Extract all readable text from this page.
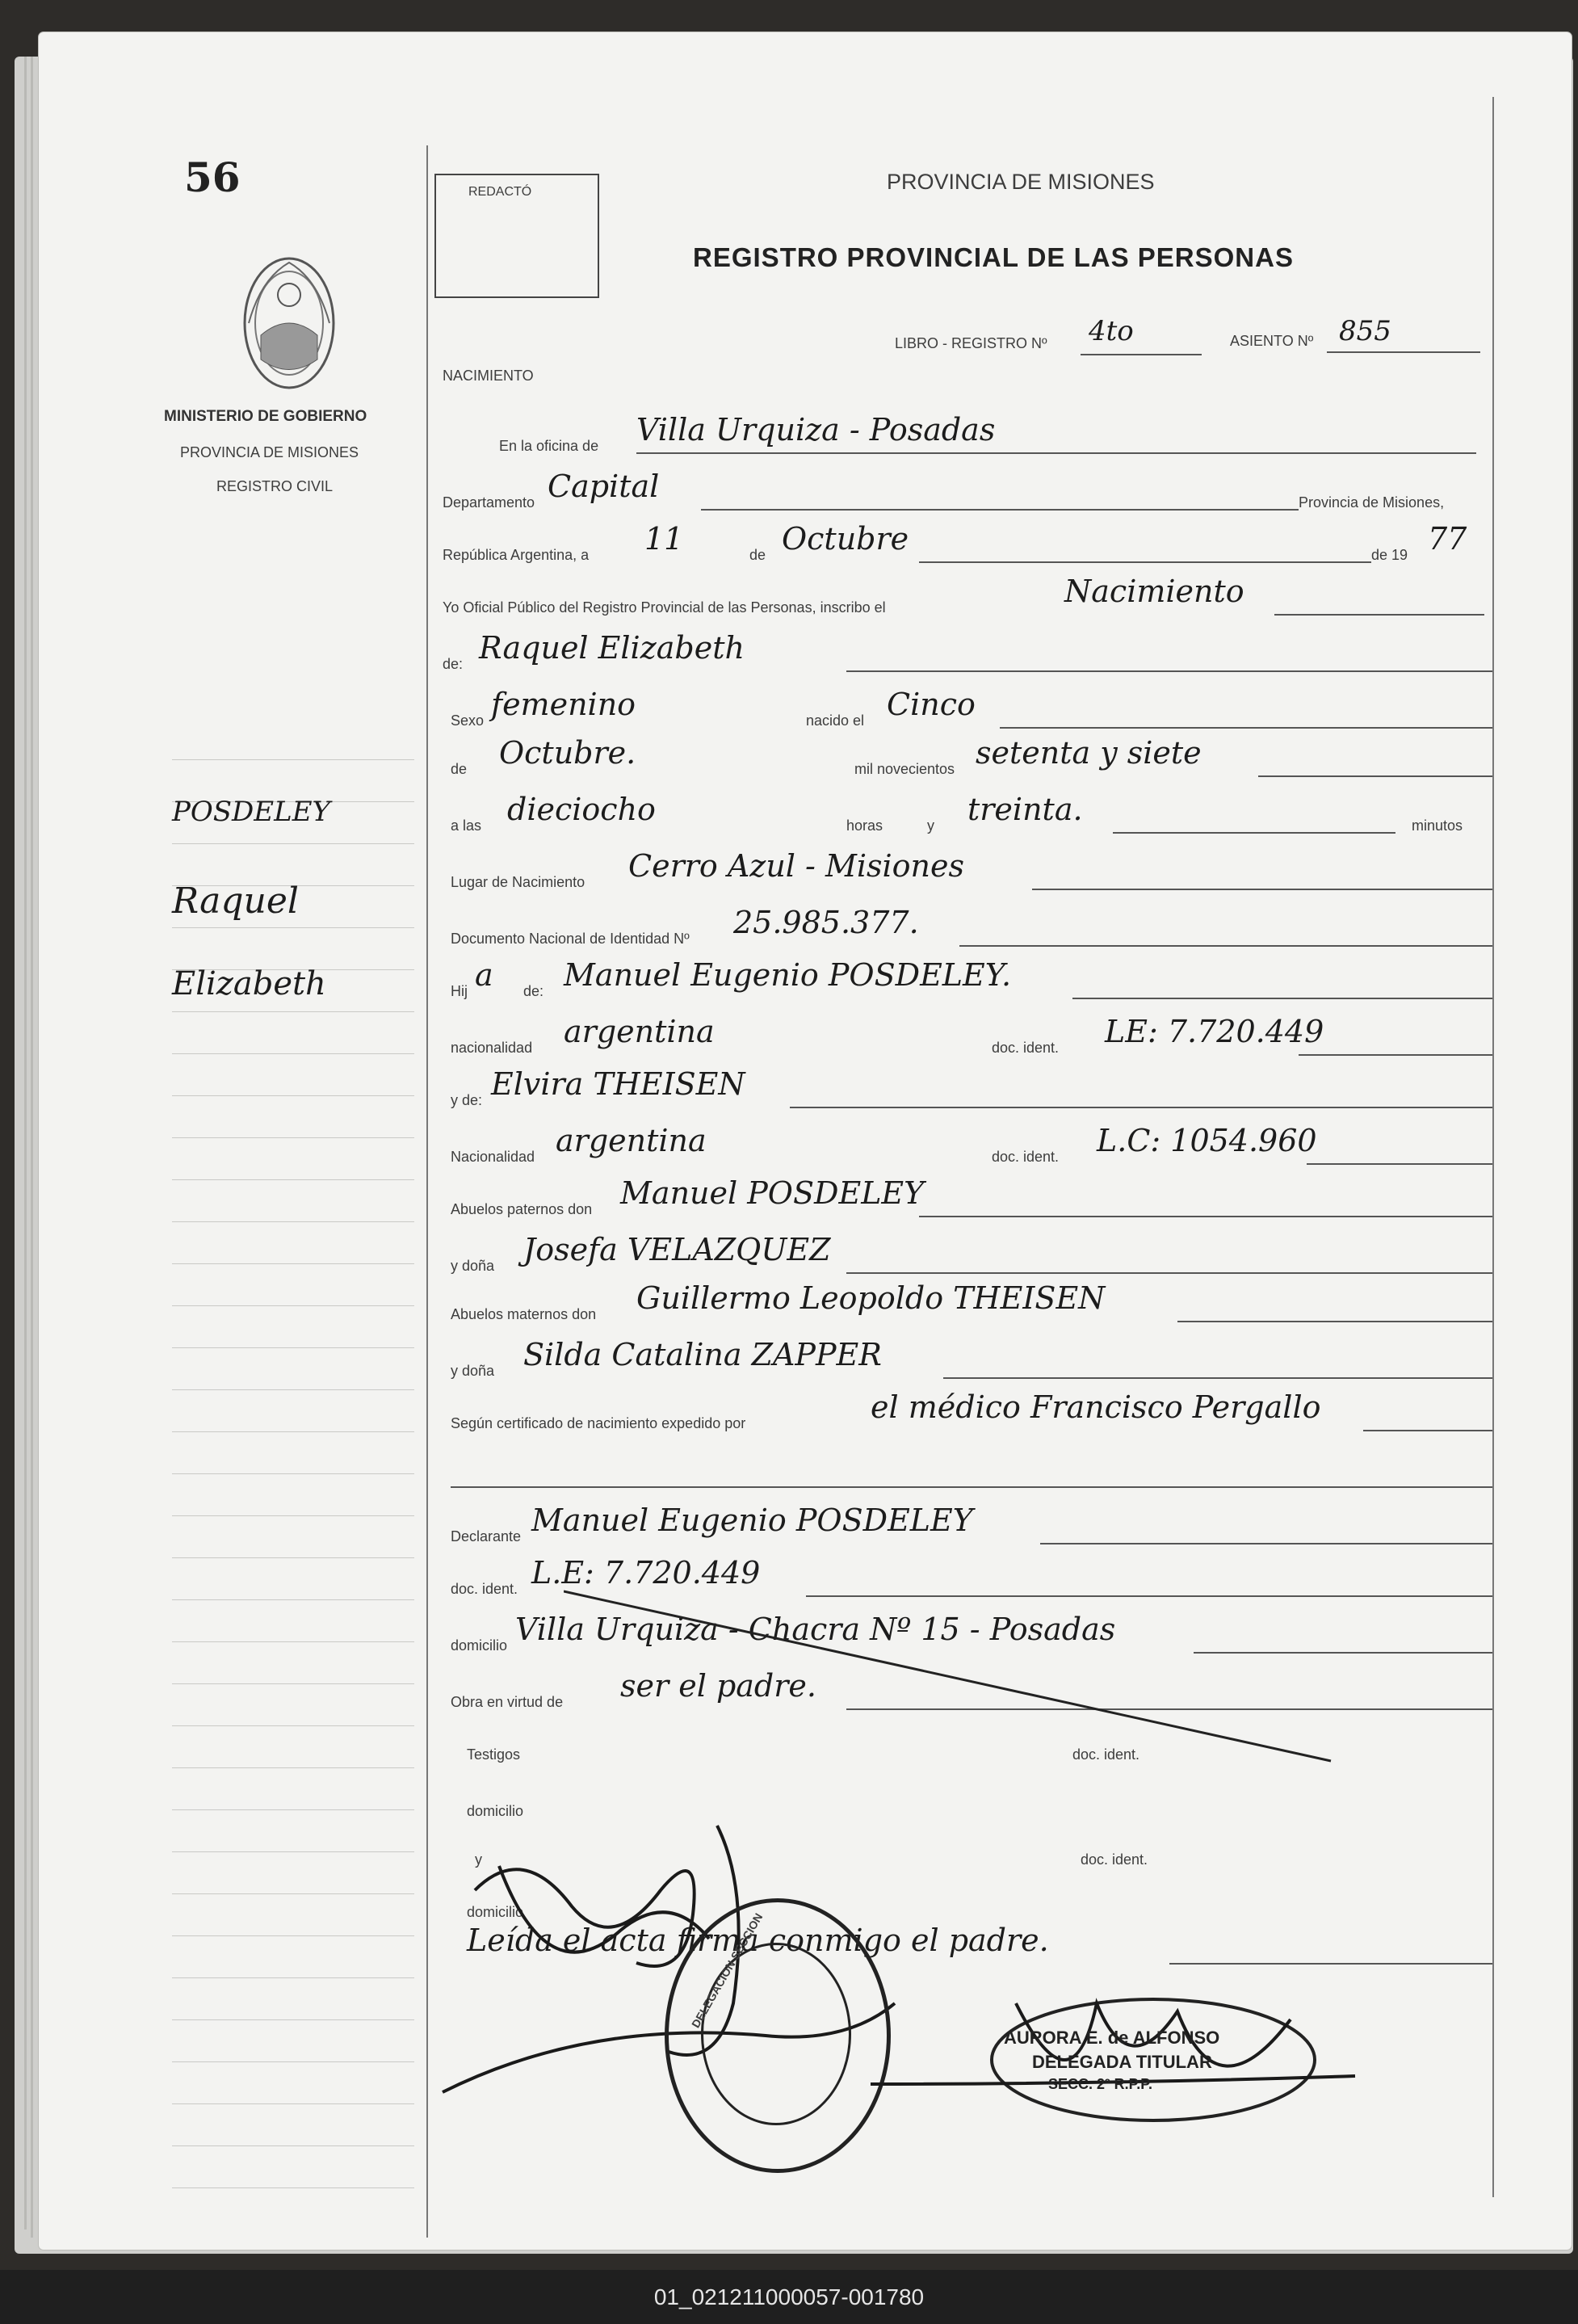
56
MINISTERIO DE GOBIERNO
PROVINCIA DE MISIONES
REGISTRO CIVIL
POSDELEY
Raquel
Elizabeth
REDACTÓ	PROVINCIA DE MISIONES
REGISTRO PROVINCIAL DE LAS PERSONAS
LIBRO - REGISTRO Nº 4to	ASIENTO Nº 855
NACIMIENTO
En la oficina de Villa Urquiza - Posadas
Departamento Capital	Provincia de Misiones,
República Argentina, a 11	de Octubre	de 19 77
Yo Oficial Público del Registro Provincial de las Personas, inscribo el	Nacimiento
de: Raquel Elizabeth
Sexo femenino	nacido el Cinco
de Octubre.	mil novecientos setenta y siete
a las dieciocho	horas	y treinta.	minutos
Lugar de Nacimiento Cerro Azul - Misiones
Documento Nacional de Identidad Nº 25.985.377.
Hij a de: Manuel Eugenio POSDELEY.
nacionalidad argentina	doc. ident. LE: 7.720.449
y de: Elvira THEISEN
Nacionalidad argentina	doc. ident. L.C: 1054.960
Abuelos paternos don Manuel POSDELEY
y doña Josefa VELAZQUEZ
Abuelos maternos don Guillermo Leopoldo THEISEN
y doña Silda Catalina ZAPPER
Según certificado de nacimiento expedido por	el médico Francisco Pergallo
Declarante Manuel Eugenio POSDELEY
doc. ident. L.E: 7.720.449
domicilio Villa Urquiza - Chacra Nº 15 - Posadas
Obra en virtud de ser el padre.
Testigos	doc. ident.
domicilio
y	doc. ident.
domicilio
Leída el acta firma conmigo el padre.
DELEGACION SECCION
AURORA E. de ALFONSO
DELEGADA TITULAR
SECC. 2º R.P.P.
01_021211000057-001780
